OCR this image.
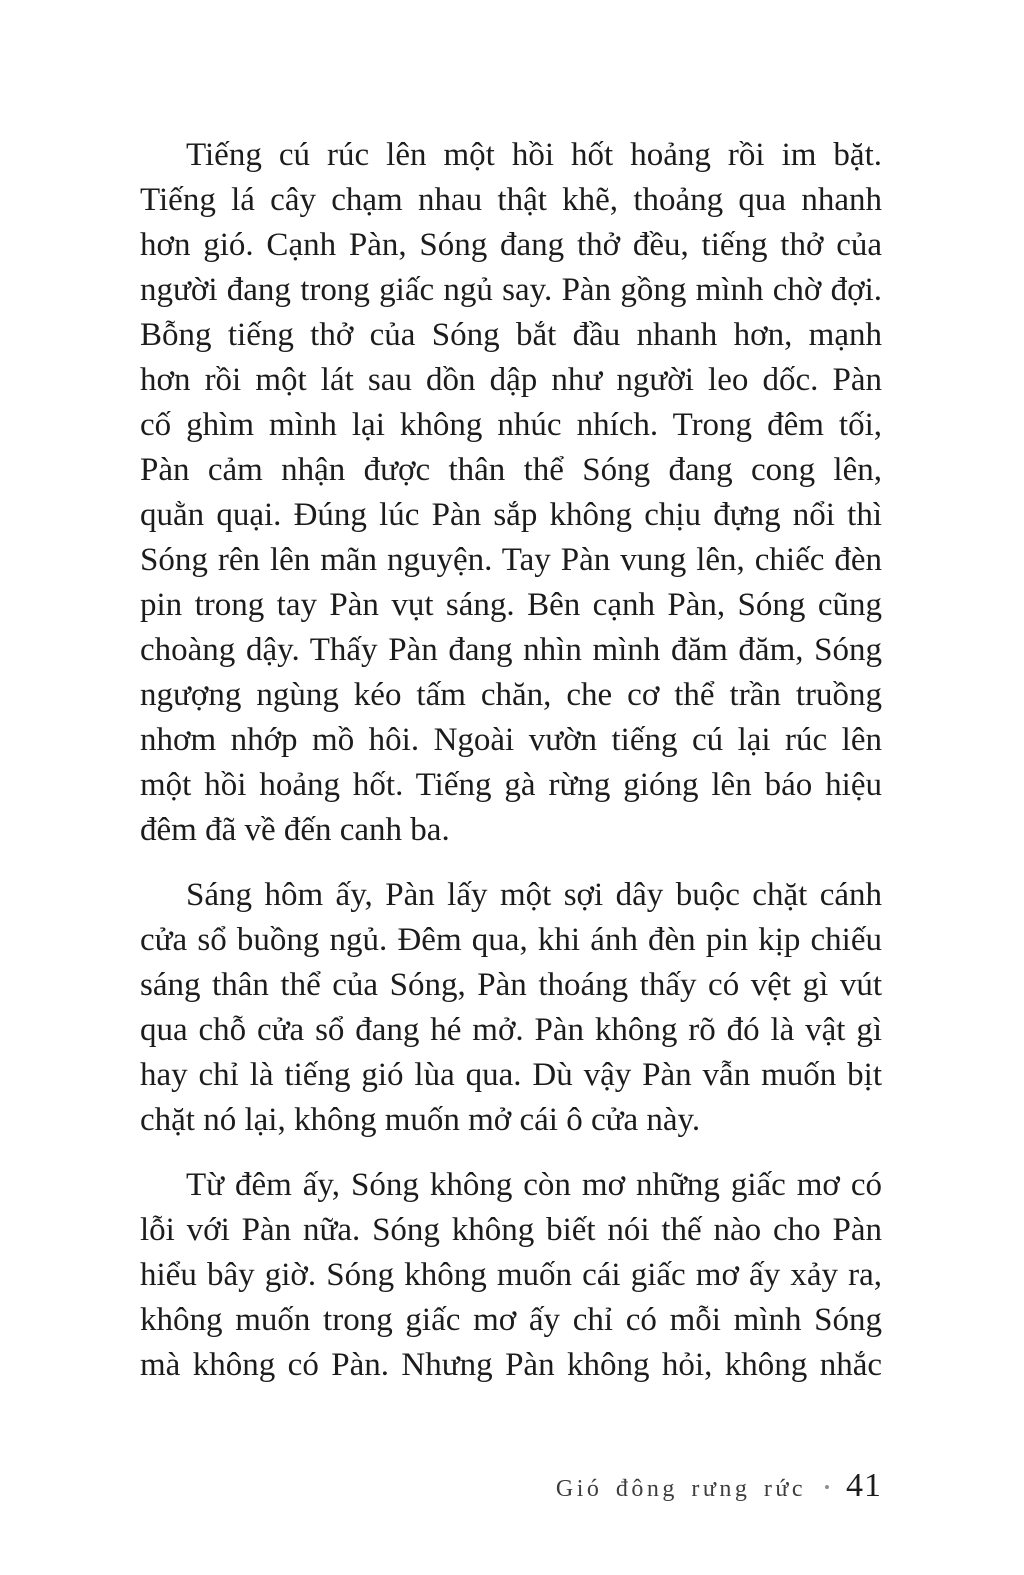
Tiếng cú rúc lên một hồi hốt hoảng rồi im bặt.
Tiếng lá cây chạm nhau thật khẽ, thoảng qua nhanh
hơn gió. Cạnh Pàn, Sóng đang thở đều, tiếng thở của
người đang trong giấc ngủ say. Pàn gồng mình chờ đợi.
Bỗng tiếng thở của Sóng bắt đầu nhanh hơn, mạnh
hơn rồi một lát sau dồn dập như người leo dốc. Pàn
cố ghìm mình lại không nhúc nhích. Trong đêm tối,
Pàn cảm nhận được thân thể Sóng đang cong lên,
quằn quại. Đúng lúc Pàn sắp không chịu đựng nổi thì
Sóng rên lên mãn nguyện. Tay Pàn vung lên, chiếc đèn
pin trong tay Pàn vụt sáng. Bên cạnh Pàn, Sóng cũng
choàng dậy. Thấy Pàn đang nhìn mình đăm đăm, Sóng
ngượng ngùng kéo tấm chăn, che cơ thể trần truồng
nhơm nhớp mồ hôi. Ngoài vườn tiếng cú lại rúc lên
một hồi hoảng hốt. Tiếng gà rừng gióng lên báo hiệu
đêm đã về đến canh ba.
Sáng hôm ấy, Pàn lấy một sợi dây buộc chặt cánh
cửa sổ buồng ngủ. Đêm qua, khi ánh đèn pin kịp chiếu
sáng thân thể của Sóng, Pàn thoáng thấy có vệt gì vút
qua chỗ cửa sổ đang hé mở. Pàn không rõ đó là vật gì
hay chỉ là tiếng gió lùa qua. Dù vậy Pàn vẫn muốn bịt
chặt nó lại, không muốn mở cái ô cửa này.
Từ đêm ấy, Sóng không còn mơ những giấc mơ có
lỗi với Pàn nữa. Sóng không biết nói thế nào cho Pàn
hiểu bây giờ. Sóng không muốn cái giấc mơ ấy xảy ra,
không muốn trong giấc mơ ấy chỉ có mỗi mình Sóng
mà không có Pàn. Nhưng Pàn không hỏi, không nhắc
Gió đông rưng rức • 41
